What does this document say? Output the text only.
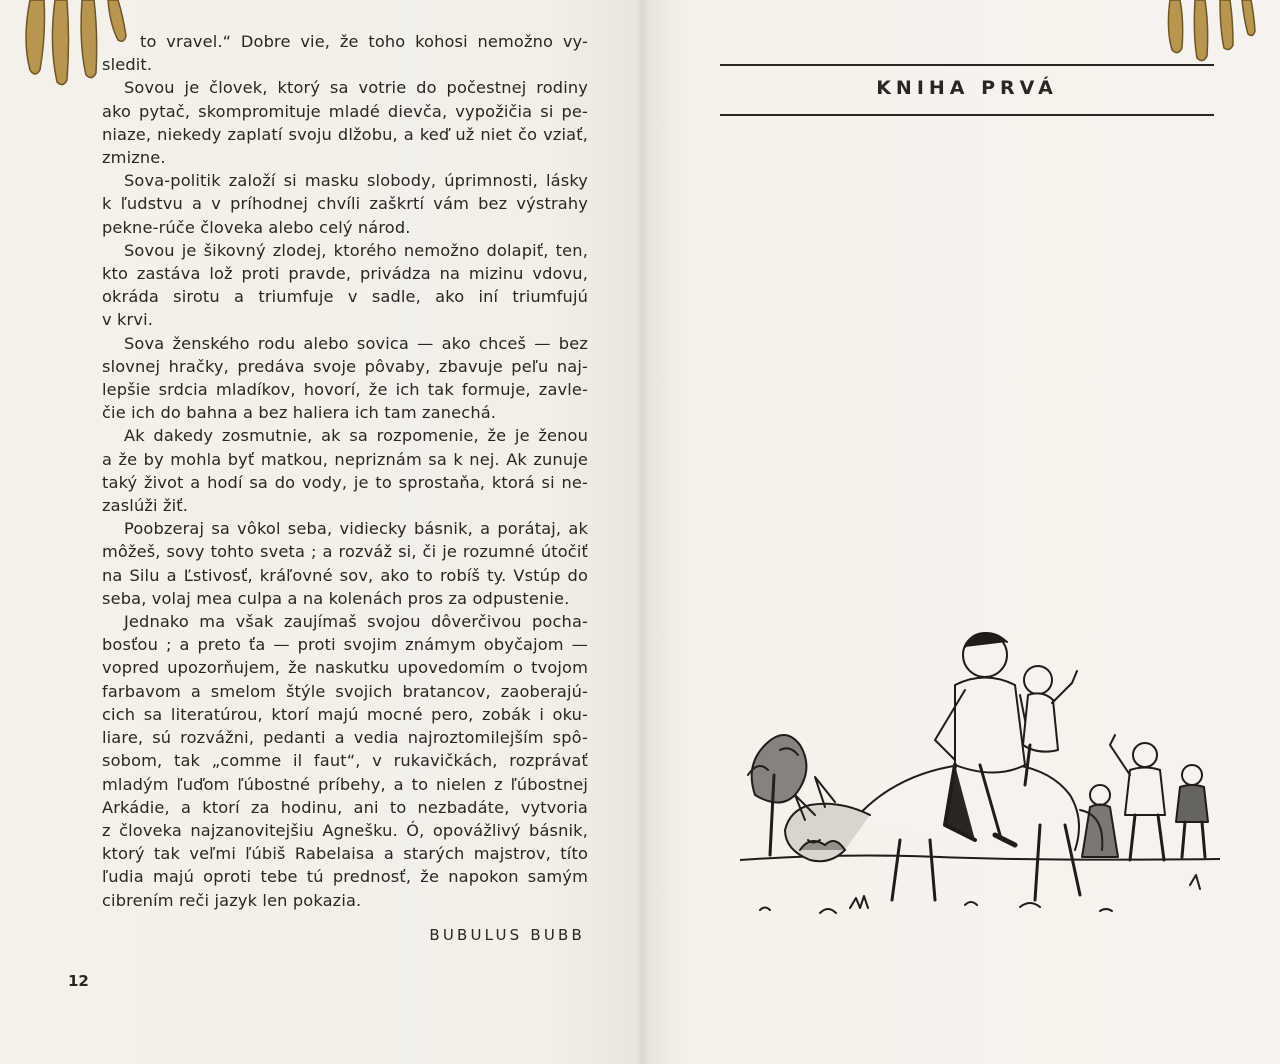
to vravel.“ Dobre vie, že toho kohosi nemožno vy-
sledit.
Sovou je človek, ktorý sa votrie do počestnej rodiny
ako pytač, skompromituje mladé dievča, vypožičia si pe-
niaze, niekedy zaplatí svoju dlžobu, a keď už niet čo vziať,
zmizne.
Sova-politik založí si masku slobody, úprimnosti, lásky
k ľudstvu a v príhodnej chvíli zaškrtí vám bez výstrahy
pekne-rúče človeka alebo celý národ.
Sovou je šikovný zlodej, ktorého nemožno dolapiť, ten,
kto zastáva lož proti pravde, privádza na mizinu vdovu,
okráda sirotu a triumfuje v sadle, ako iní triumfujú
v krvi.
Sova ženského rodu alebo sovica — ako chceš — bez
slovnej hračky, predáva svoje pôvaby, zbavuje peľu naj-
lepšie srdcia mladíkov, hovorí, že ich tak formuje, zavle-
čie ich do bahna a bez haliera ich tam zanechá.
Ak dakedy zosmutnie, ak sa rozpomenie, že je ženou
a že by mohla byť matkou, nepriznám sa k nej. Ak zunuje
taký život a hodí sa do vody, je to sprostaňa, ktorá si ne-
zaslúži žiť.
Poobzeraj sa vôkol seba, vidiecky básnik, a porátaj, ak
môžeš, sovy tohto sveta ; a rozváž si, či je rozumné útočiť
na Silu a Ľstivosť, kráľovné sov, ako to robíš ty. Vstúp do
seba, volaj mea culpa a na kolenách pros za odpustenie.
Jednako ma však zaujímaš svojou dôverčivou pocha-
bosťou ; a preto ťa — proti svojim známym obyčajom —
vopred upozorňujem, že naskutku upovedomím o tvojom
farbavom a smelom štýle svojich bratancov, zaoberajú-
cich sa literatúrou, ktorí majú mocné pero, zobák i oku-
liare, sú rozvážni, pedanti a vedia najroztomilejším spô-
sobom, tak „comme il faut“, v rukavičkách, rozprávať
mladým ľuďom ľúbostné príbehy, a to nielen z ľúbostnej
Arkádie, a ktorí za hodinu, ani to nezbadáte, vytvoria
z človeka najzanovitejšiu Agnešku. Ó, opovážlivý básnik,
ktorý tak veľmi ľúbiš Rabelaisa a starých majstrov, títo
ľudia majú oproti tebe tú prednosť, že napokon samým
cibrením reči jazyk len pokazia.
BUBULUS BUBB
12
KNIHA PRVÁ
